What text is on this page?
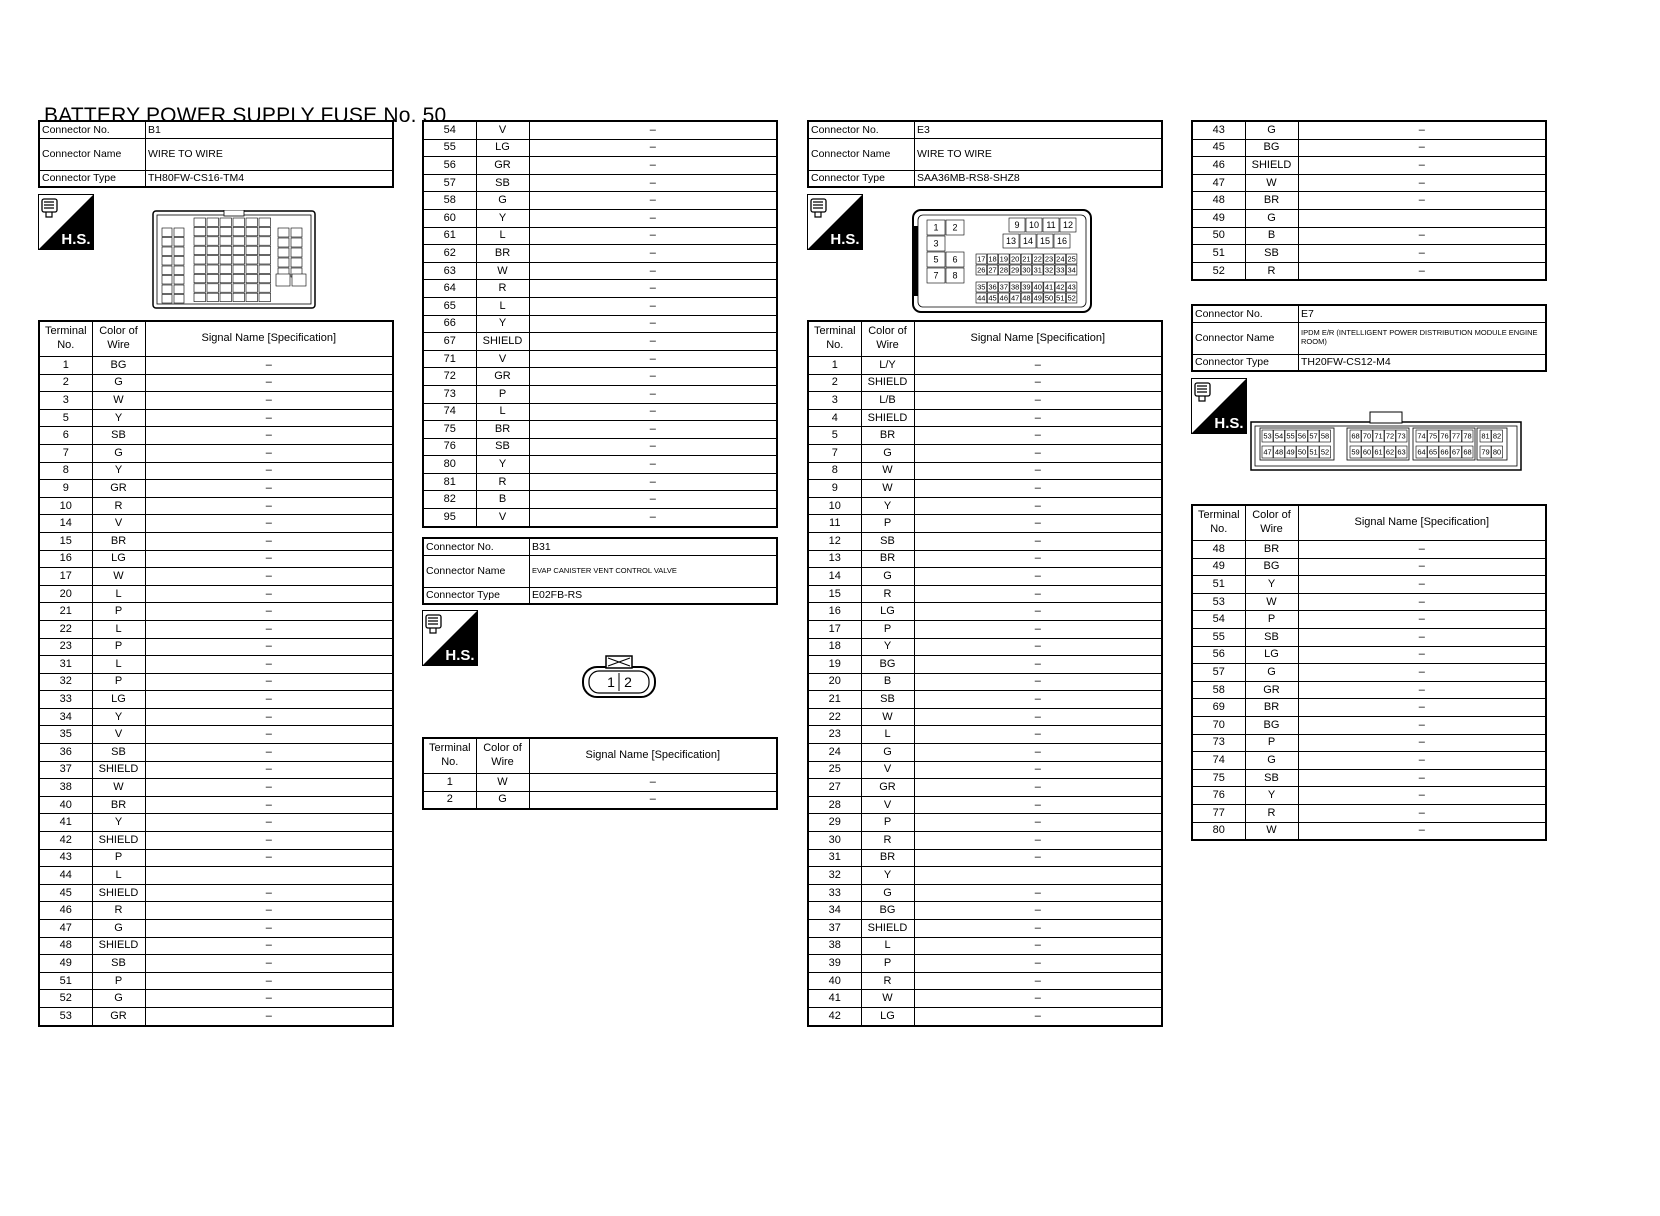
BATTERY POWER SUPPLY FUSE No. 50
Connector No.	B1
Connector Name	WIRE TO WIRE
Connector Type	TH80FW-CS16-TM4
H.S.
Terminal No.	Color of Wire	Signal Name [Specification]
1	BG	–
2	G	–
3	W	–
5	Y	–
6	SB	–
7	G	–
8	Y	–
9	GR	–
10	R	–
14	V	–
15	BR	–
16	LG	–
17	W	–
20	L	–
21	P	–
22	L	–
23	P	–
31	L	–
32	P	–
33	LG	–
34	Y	–
35	V	–
36	SB	–
37	SHIELD	–
38	W	–
40	BR	–
41	Y	–
42	SHIELD	–
43	P	–
44	L	
45	SHIELD	–
46	R	–
47	G	–
48	SHIELD	–
49	SB	–
51	P	–
52	G	–
53	GR	–
54	V	–
55	LG	–
56	GR	–
57	SB	–
58	G	–
60	Y	–
61	L	–
62	BR	–
63	W	–
64	R	–
65	L	–
66	Y	–
67	SHIELD	–
71	V	–
72	GR	–
73	P	–
74	L	–
75	BR	–
76	SB	–
80	Y	–
81	R	–
82	B	–
95	V	–
Connector No.	B31
Connector Name	EVAP CANISTER VENT CONTROL VALVE
Connector Type	E02FB-RS
H.S.
1 2
Terminal No.	Color of Wire	Signal Name [Specification]
1	W	–
2	G	–
Connector No.	E3
Connector Name	WIRE TO WIRE
Connector Type	SAA36MB-RS8-SHZ8
H.S.
1 2
3
5 6
7 8
9 10 11 12
13 14 15 16
17 18 19 20 21 22 23 24 25
26 27 28 29 30 31 32 33 34
35 36 37 38 39 40 41 42 43
44 45 46 47 48 49 50 51 52
Terminal No.	Color of Wire	Signal Name [Specification]
1	L/Y	–
2	SHIELD	–
3	L/B	–
4	SHIELD	–
5	BR	–
7	G	–
8	W	–
9	W	–
10	Y	–
11	P	–
12	SB	–
13	BR	–
14	G	–
15	R	–
16	LG	–
17	P	–
18	Y	–
19	BG	–
20	B	–
21	SB	–
22	W	–
23	L	–
24	G	–
25	V	–
27	GR	–
28	V	–
29	P	–
30	R	–
31	BR	–
32	Y	
33	G	–
34	BG	–
37	SHIELD	–
38	L	–
39	P	–
40	R	–
41	W	–
42	LG	–
43	G	–
45	BG	–
46	SHIELD	–
47	W	–
48	BR	–
49	G	
50	B	–
51	SB	–
52	R	–
Connector No.	E7
Connector Name	IPDM E/R (INTELLIGENT POWER DISTRIBUTION MODULE ENGINE ROOM)
Connector Type	TH20FW-CS12-M4
H.S.
53
47
54
48
55
49
56
50
57
51
58
52
68
59
70
60
71
61
72
62
73
63
74
64
75
65
76
66
77
67
78
68
81
79
82
80
Terminal No.	Color of Wire	Signal Name [Specification]
48	BR	–
49	BG	–
51	Y	–
53	W	–
54	P	–
55	SB	–
56	LG	–
57	G	–
58	GR	–
69	BR	–
70	BG	–
73	P	–
74	G	–
75	SB	–
76	Y	–
77	R	–
80	W	–
